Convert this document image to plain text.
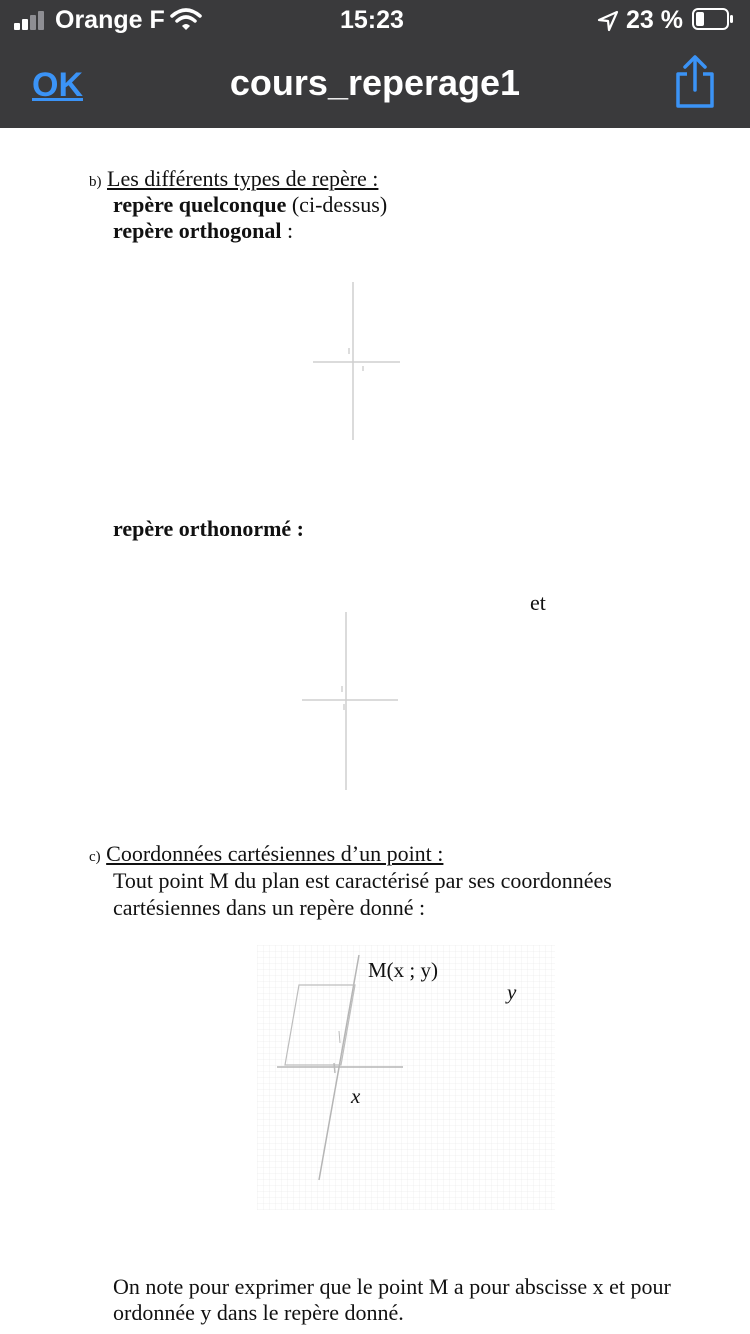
Orange F	15:23	23 %
OK	cours_reperage1
b) Les différents types de repère :
repère quelconque (ci-dessus)
repère orthogonal :
repère orthonormé :
et
c) Coordonnées cartésiennes d’un point :
Tout point M du plan est caractérisé par ses coordonnées
cartésiennes dans un repère donné :
M(x ; y)
y
x
On note pour exprimer que le point M a pour abscisse x et pour
ordonnée y dans le repère donné.
